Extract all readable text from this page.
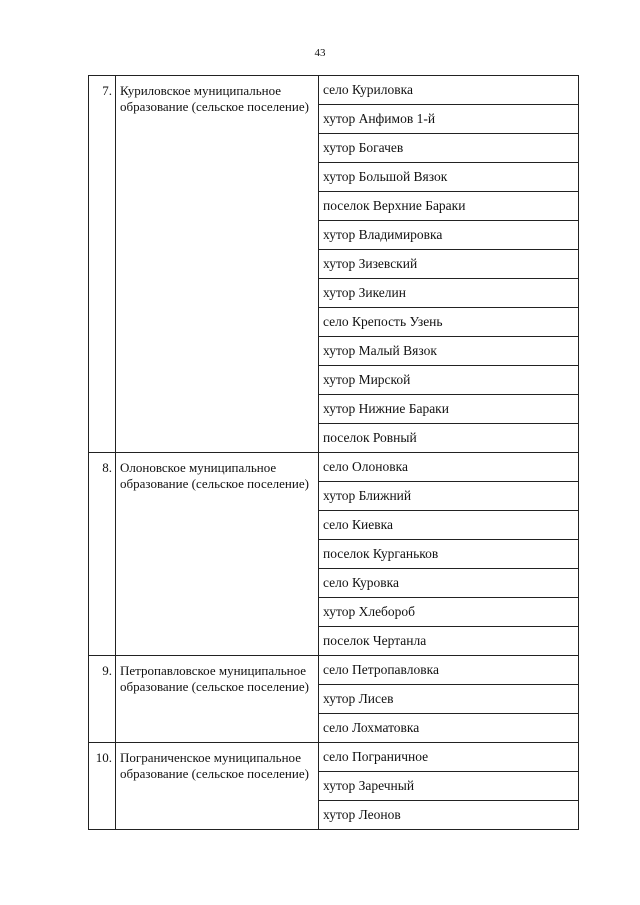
43
7.	Куриловское муниципальное образование (сельское поселение)	село Куриловка
		хутор Анфимов 1-й
		хутор Богачев
		хутор Большой Вязок
		поселок Верхние Бараки
		хутор Владимировка
		хутор Зизевский
		хутор Зикелин
		село Крепость Узень
		хутор Малый Вязок
		хутор Мирской
		хутор Нижние Бараки
		поселок Ровный
8.	Олоновское муниципальное образование (сельское поселение)	село Олоновка
		хутор Ближний
		село Киевка
		поселок Курганьков
		село Куровка
		хутор Хлебороб
		поселок Чертанла
9.	Петропавловское муниципальное образование (сельское поселение)	село Петропавловка
		хутор Лисев
		село Лохматовка
10.	Пограниченское муниципальное образование (сельское поселение)	село Пограничное
		хутор Заречный
		хутор Леонов
